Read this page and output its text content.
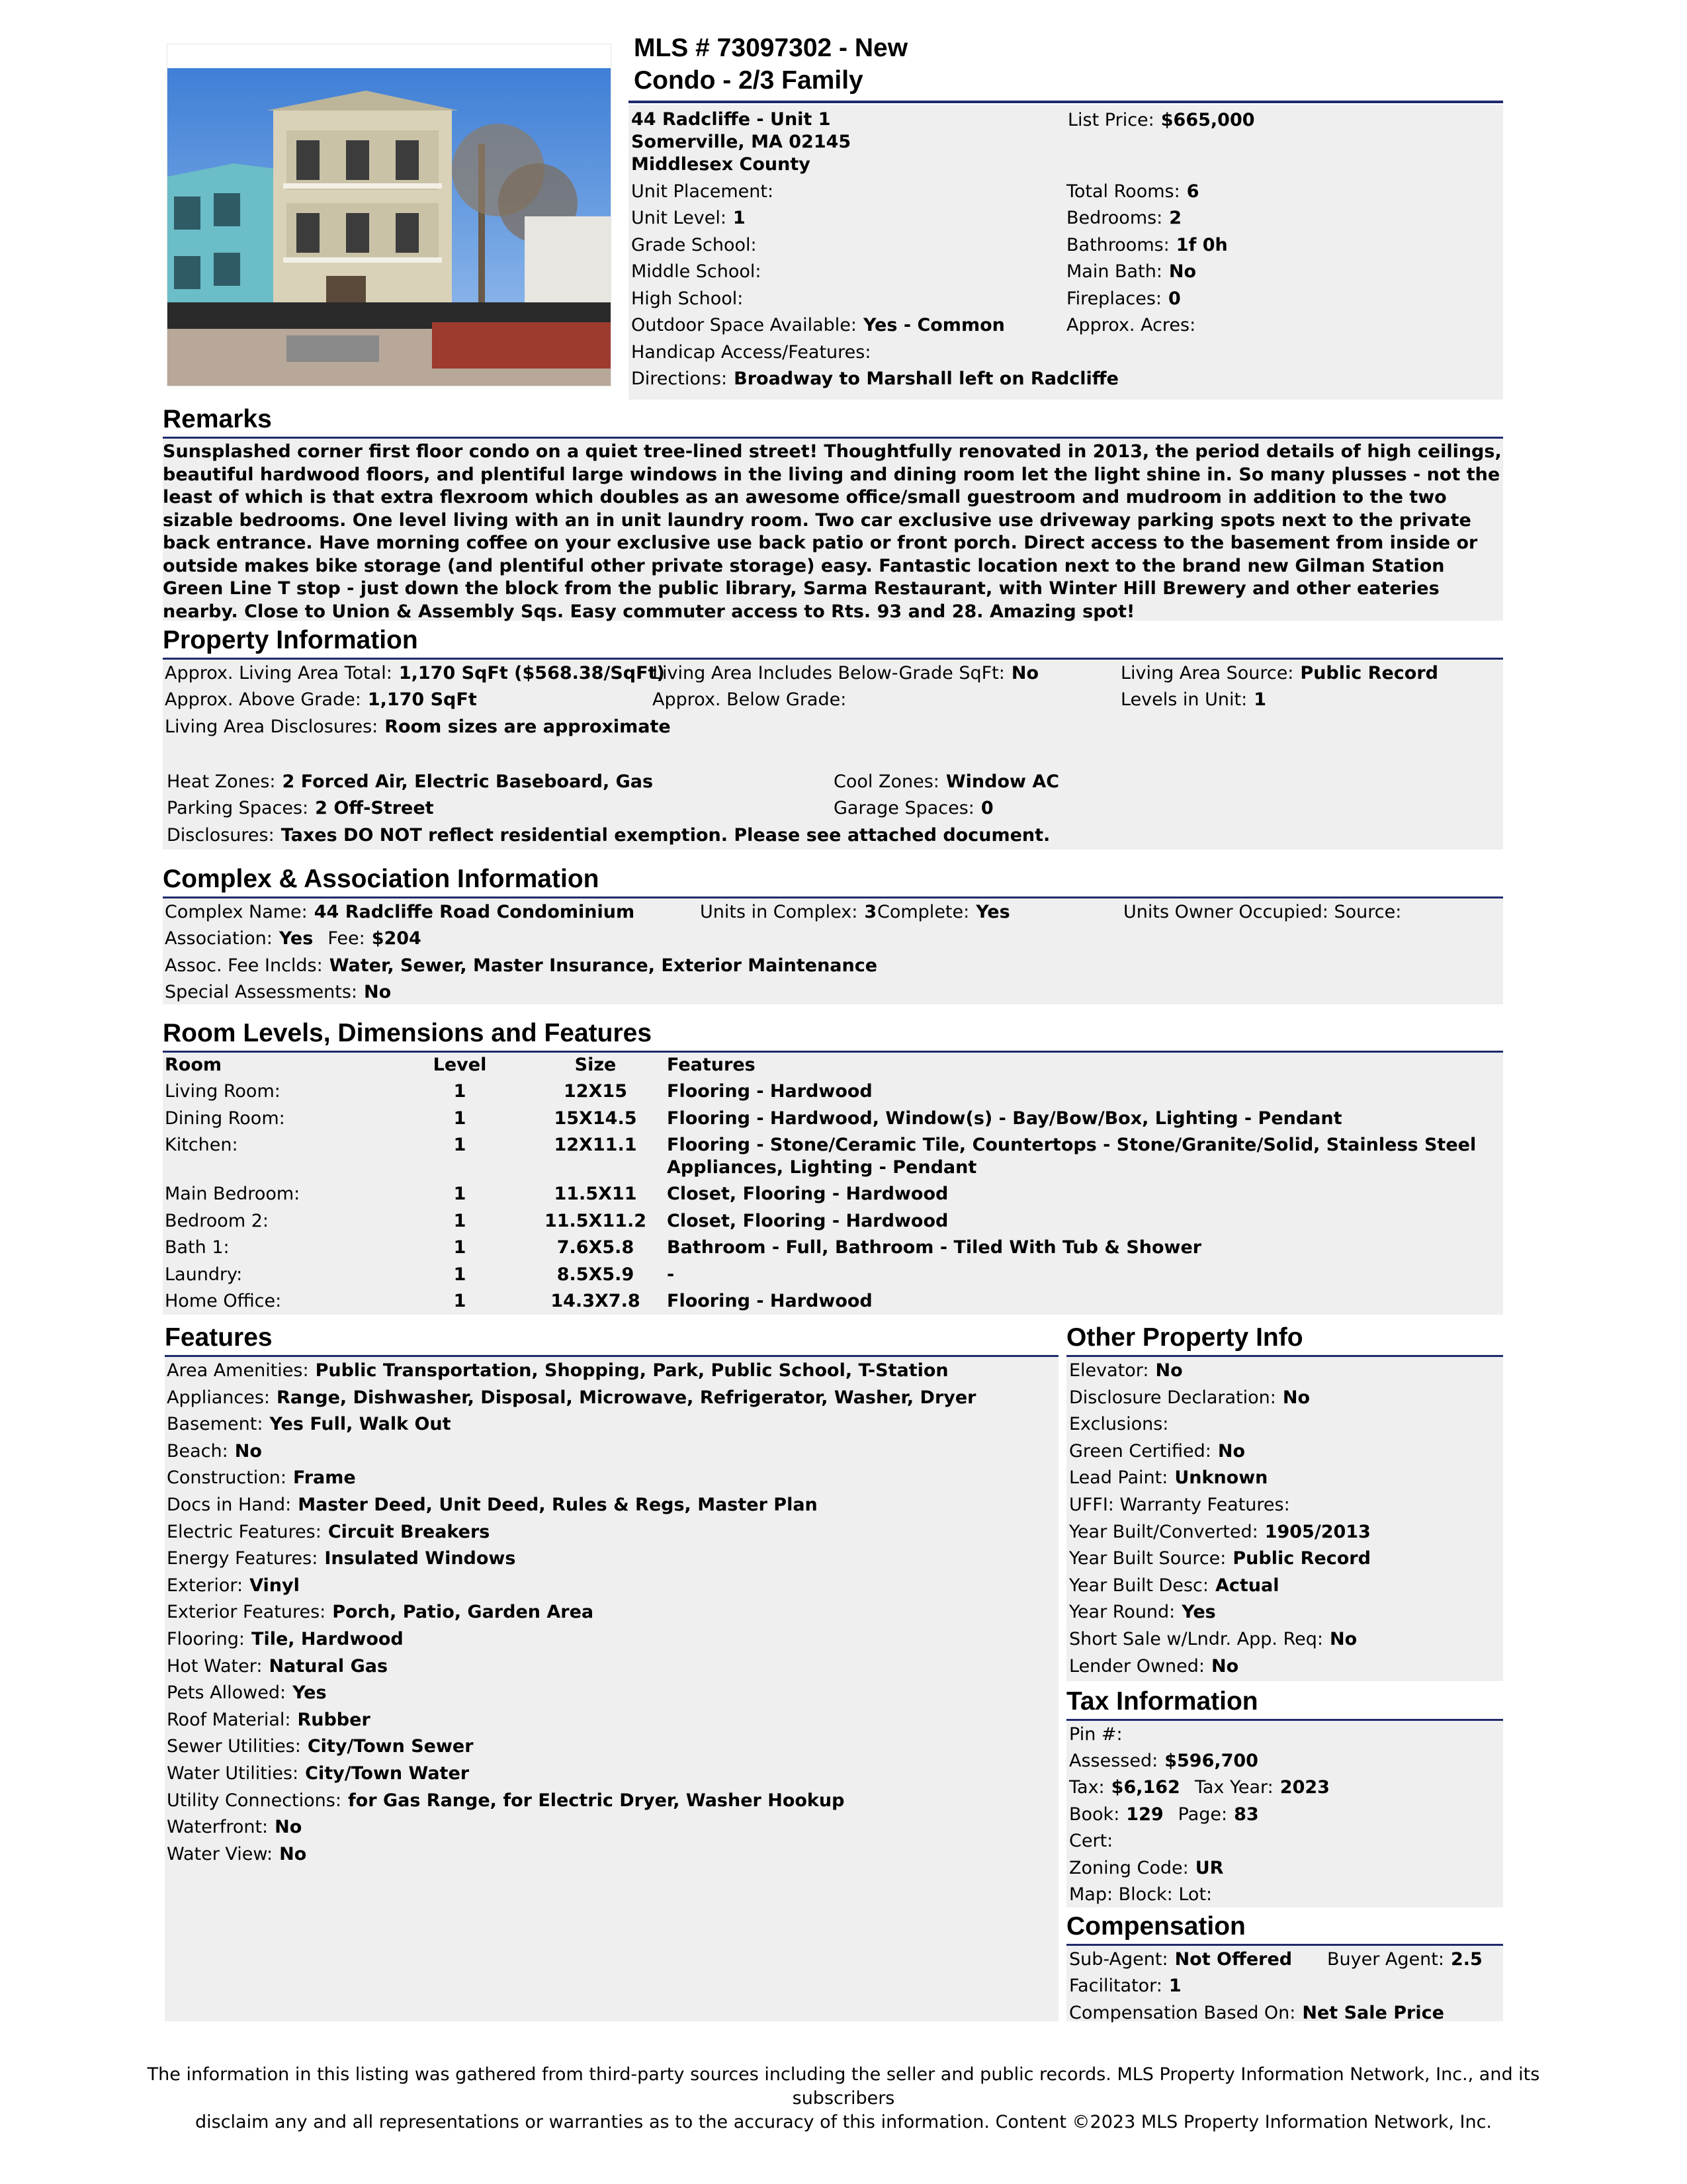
MLS # 73097302 - New
Condo - 2/3 Family
44 Radcliffe - Unit 1
Somerville, MA 02145
Middlesex County
List Price: $665,000
Unit Placement:
Unit Level: 1
Grade School:
Middle School:
High School:
Outdoor Space Available: Yes - Common
Handicap Access/Features:
Directions: Broadway to Marshall left on Radcliffe
Total Rooms: 6
Bedrooms: 2
Bathrooms: 1f 0h
Main Bath: No
Fireplaces: 0
Approx. Acres:
Remarks
Sunsplashed corner first floor condo on a quiet tree-lined street! Thoughtfully renovated in 2013, the period details of high ceilings, beautiful hardwood floors, and plentiful large windows in the living and dining room let the light shine in. So many plusses - not the least of which is that extra flexroom which doubles as an awesome office/small guestroom and mudroom in addition to the two sizable bedrooms. One level living with an in unit laundry room. Two car exclusive use driveway parking spots next to the private back entrance. Have morning coffee on your exclusive use back patio or front porch. Direct access to the basement from inside or outside makes bike storage (and plentiful other private storage) easy. Fantastic location next to the brand new Gilman Station Green Line T stop - just down the block from the public library, Sarma Restaurant, with Winter Hill Brewery and other eateries nearby. Close to Union & Assembly Sqs. Easy commuter access to Rts. 93 and 28. Amazing spot!
Property Information
Approx. Living Area Total: 1,170 SqFt ($568.38/SqFt)
Living Area Includes Below-Grade SqFt: No	Living Area Source: Public Record
Approx. Above Grade: 1,170 SqFt	Approx. Below Grade:	Levels in Unit: 1
Living Area Disclosures: Room sizes are approximate
Heat Zones: 2 Forced Air, Electric Baseboard, Gas	Cool Zones: Window AC
Parking Spaces: 2 Off-Street	Garage Spaces: 0
Disclosures: Taxes DO NOT reflect residential exemption. Please see attached document.
Complex & Association Information
Complex Name: 44 Radcliffe Road Condominium	Units in Complex: 3 Complete: Yes	Units Owner Occupied: Source:
Association: Yes Fee: $204
Assoc. Fee Inclds: Water, Sewer, Master Insurance, Exterior Maintenance
Special Assessments: No
Room Levels, Dimensions and Features
Room	Level	Size	Features
Living Room:	1	12X15	Flooring - Hardwood
Dining Room:	1	15X14.5	Flooring - Hardwood, Window(s) - Bay/Bow/Box, Lighting - Pendant
Kitchen:	1	12X11.1	Flooring - Stone/Ceramic Tile, Countertops - Stone/Granite/Solid, Stainless Steel
Appliances, Lighting - Pendant
Main Bedroom:	1	11.5X11	Closet, Flooring - Hardwood
Bedroom 2:	1	11.5X11.2	Closet, Flooring - Hardwood
Bath 1:	1	7.6X5.8	Bathroom - Full, Bathroom - Tiled With Tub & Shower
Laundry:	1	8.5X5.9	-
Home Office:	1	14.3X7.8	Flooring - Hardwood
Features
Area Amenities: Public Transportation, Shopping, Park, Public School, T-Station
Appliances: Range, Dishwasher, Disposal, Microwave, Refrigerator, Washer, Dryer
Basement: Yes Full, Walk Out
Beach: No
Construction: Frame
Docs in Hand: Master Deed, Unit Deed, Rules & Regs, Master Plan
Electric Features: Circuit Breakers
Energy Features: Insulated Windows
Exterior: Vinyl
Exterior Features: Porch, Patio, Garden Area
Flooring: Tile, Hardwood
Hot Water: Natural Gas
Pets Allowed: Yes
Roof Material: Rubber
Sewer Utilities: City/Town Sewer
Water Utilities: City/Town Water
Utility Connections: for Gas Range, for Electric Dryer, Washer Hookup
Waterfront: No
Water View: No
Other Property Info
Elevator: No
Disclosure Declaration: No
Exclusions:
Green Certified: No
Lead Paint: Unknown
UFFI: Warranty Features:
Year Built/Converted: 1905/2013
Year Built Source: Public Record
Year Built Desc: Actual
Year Round: Yes
Short Sale w/Lndr. App. Req: No
Lender Owned: No
Tax Information
Pin #:
Assessed: $596,700
Tax: $6,162 Tax Year: 2023
Book: 129 Page: 83
Cert:
Zoning Code: UR
Map: Block: Lot:
Compensation
Sub-Agent: Not Offered Buyer Agent: 2.5
Facilitator: 1
Compensation Based On: Net Sale Price
The information in this listing was gathered from third-party sources including the seller and public records. MLS Property Information Network, Inc., and its subscribers
disclaim any and all representations or warranties as to the accuracy of this information. Content ©2023 MLS Property Information Network, Inc.
